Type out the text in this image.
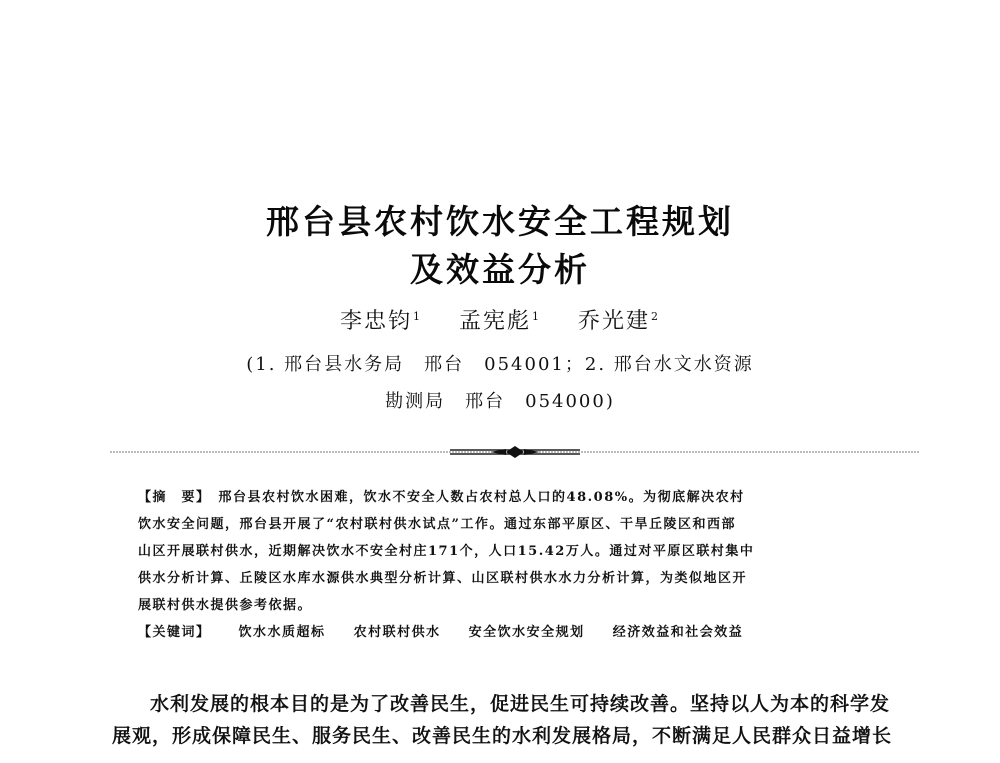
邢台县农村饮水安全工程规划
及效益分析
李忠钧$^1$ 孟宪彪$^1$ 乔光建$^2$
(1. 邢台县水务局　邢台　054001；2. 邢台水文水资源
勘测局　邢台　054000)
【摘　要】　 邢台县农村饮水困难，饮水不安全人数占农村总人口的48.08%。为彻底解决农村
饮水安全问题，邢台县开展了“农村联村供水试点”工作。通过东部平原区、干旱丘陵区和西部
山区开展联村供水，近期解决饮水不安全村庄171个，人口15.42万人。通过对平原区联村集中
供水分析计算、丘陵区水库水源供水典型分析计算、山区联村供水水力分析计算，为类似地区开
展联村供水提供参考依据。
【关键词】 饮水水质超标 农村联村供水 安全饮水安全规划 经济效益和社会效益
水利发展的根本目的是为了改善民生，促进民生可持续改善。坚持以人为本的科学发
展观，形成保障民生、服务民生、改善民生的水利发展格局，不断满足人民群众日益增长
